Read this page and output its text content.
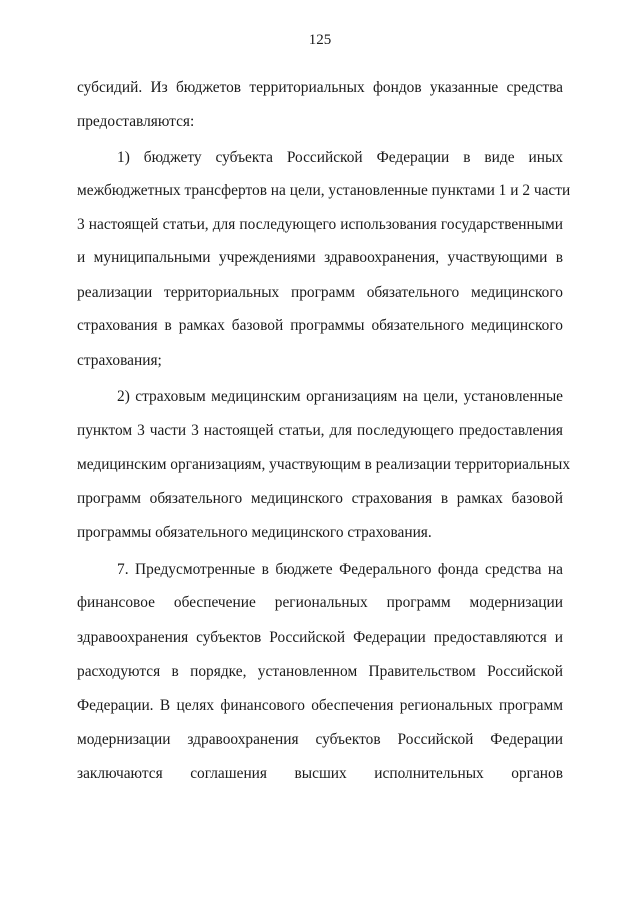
125
субсидий. Из бюджетов территориальных фондов указанные средства
предоставляются:
1) бюджету субъекта Российской Федерации в виде иных
межбюджетных трансфертов на цели, установленные пунктами 1 и 2 части
3 настоящей статьи, для последующего использования государственными
и муниципальными учреждениями здравоохранения, участвующими в
реализации территориальных программ обязательного медицинского
страхования в рамках базовой программы обязательного медицинского
страхования;
2) страховым медицинским организациям на цели, установленные
пунктом 3 части 3 настоящей статьи, для последующего предоставления
медицинским организациям, участвующим в реализации территориальных
программ обязательного медицинского страхования в рамках базовой
программы обязательного медицинского страхования.
7. Предусмотренные в бюджете Федерального фонда средства на
финансовое обеспечение региональных программ модернизации
здравоохранения субъектов Российской Федерации предоставляются и
расходуются в порядке, установленном Правительством Российской
Федерации. В целях финансового обеспечения региональных программ
модернизации здравоохранения субъектов Российской Федерации
заключаются соглашения высших исполнительных органов
